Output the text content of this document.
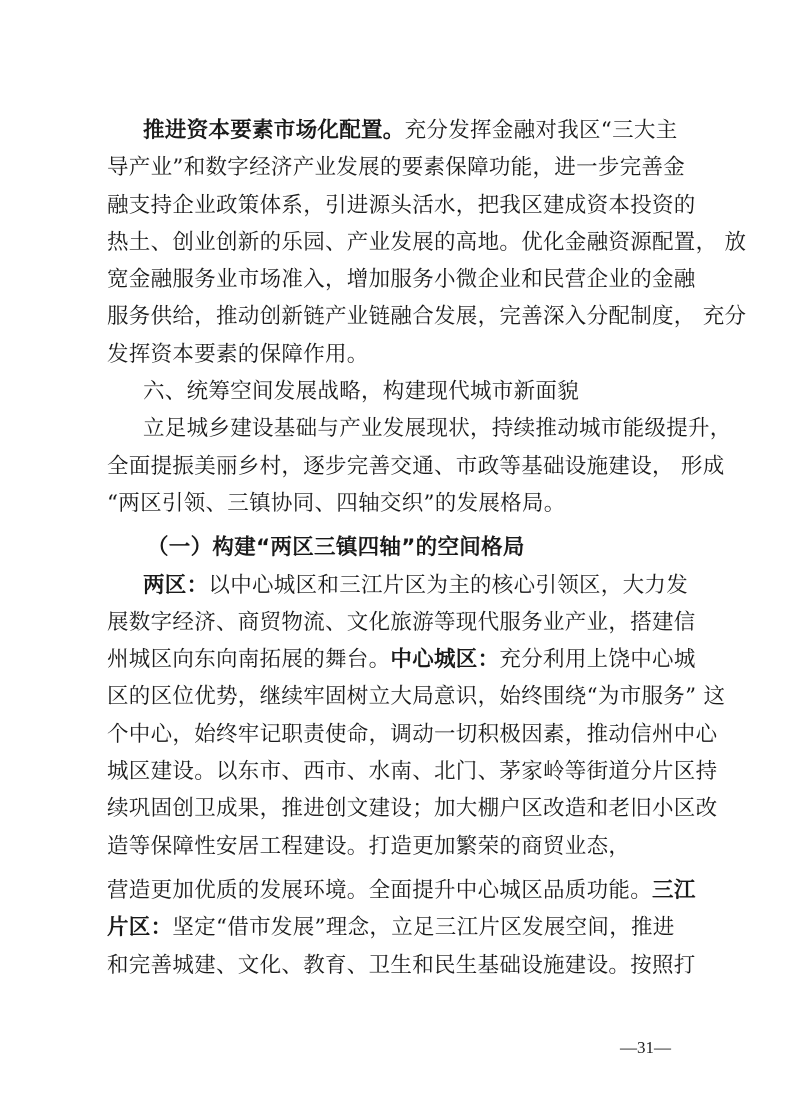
推进资本要素市场化配置。充分发挥金融对我区“三大主
导产业”和数字经济产业发展的要素保障功能，进一步完善金
融支持企业政策体系，引进源头活水，把我区建成资本投资的
热土、创业创新的乐园、产业发展的高地。优化金融资源配置， 放
宽金融服务业市场准入，增加服务小微企业和民营企业的金融
服务供给，推动创新链产业链融合发展，完善深入分配制度， 充分
发挥资本要素的保障作用。
六、统筹空间发展战略，构建现代城市新面貌
立足城乡建设基础与产业发展现状，持续推动城市能级提升，
全面提振美丽乡村，逐步完善交通、市政等基础设施建设， 形成
“两区引领、三镇协同、四轴交织”的发展格局。
（一）构建“两区三镇四轴”的空间格局
两区：以中心城区和三江片区为主的核心引领区，大力发
展数字经济、商贸物流、文化旅游等现代服务业产业，搭建信
州城区向东向南拓展的舞台。中心城区：充分利用上饶中心城
区的区位优势，继续牢固树立大局意识，始终围绕“为市服务” 这
个中心，始终牢记职责使命，调动一切积极因素，推动信州中心
城区建设。以东市、西市、水南、北门、茅家岭等街道分片区持
续巩固创卫成果，推进创文建设；加大棚户区改造和老旧小区改
造等保障性安居工程建设。打造更加繁荣的商贸业态，
营造更加优质的发展环境。全面提升中心城区品质功能。三江
片区：坚定“借市发展”理念，立足三江片区发展空间，推进
和完善城建、文化、教育、卫生和民生基础设施建设。按照打
—31—
